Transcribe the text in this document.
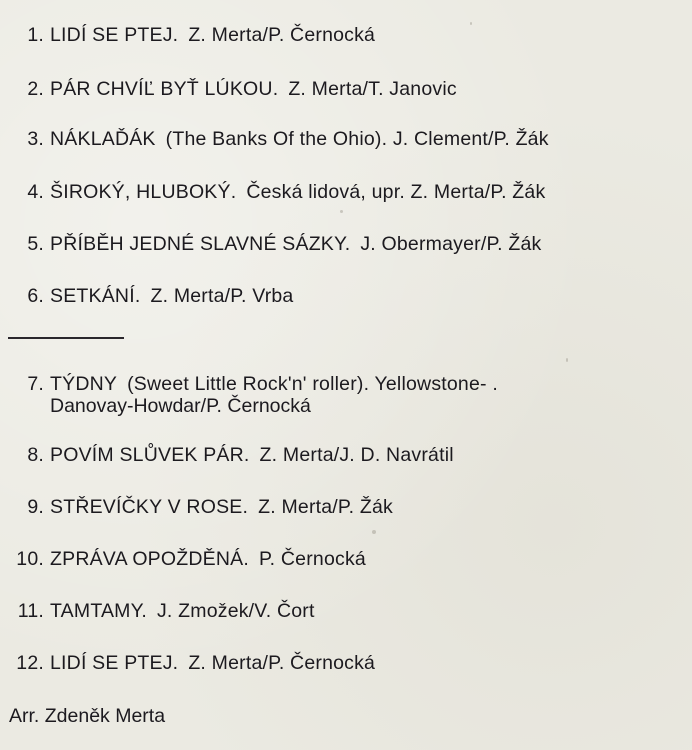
1. LIDÍ SE PTEJ. Z. Merta/P. Černocká
2. PÁR CHVÍĽ BYŤ LÚKOU. Z. Merta/T. Janovic
3. NÁKLAĎÁK (The Banks Of the Ohio). J. Clement/P. Žák
4. ŠIROKÝ, HLUBOKÝ. Česká lidová, upr. Z. Merta/P. Žák
5. PŘÍBĚH JEDNÉ SLAVNÉ SÁZKY. J. Obermayer/P. Žák
6. SETKÁNÍ. Z. Merta/P. Vrba
7. TÝDNY (Sweet Little Rock'n' roller). Yellowstone- .
Danovay-Howdar/P. Černocká
8. POVÍM SLŮVEK PÁR. Z. Merta/J. D. Navrátil
9. STŘEVÍČKY V ROSE. Z. Merta/P. Žák
10. ZPRÁVA OPOŽDĚNÁ. P. Černocká
11. TAMTAMY. J. Zmožek/V. Čort
12. LIDÍ SE PTEJ. Z. Merta/P. Černocká
Arr. Zdeněk Merta
